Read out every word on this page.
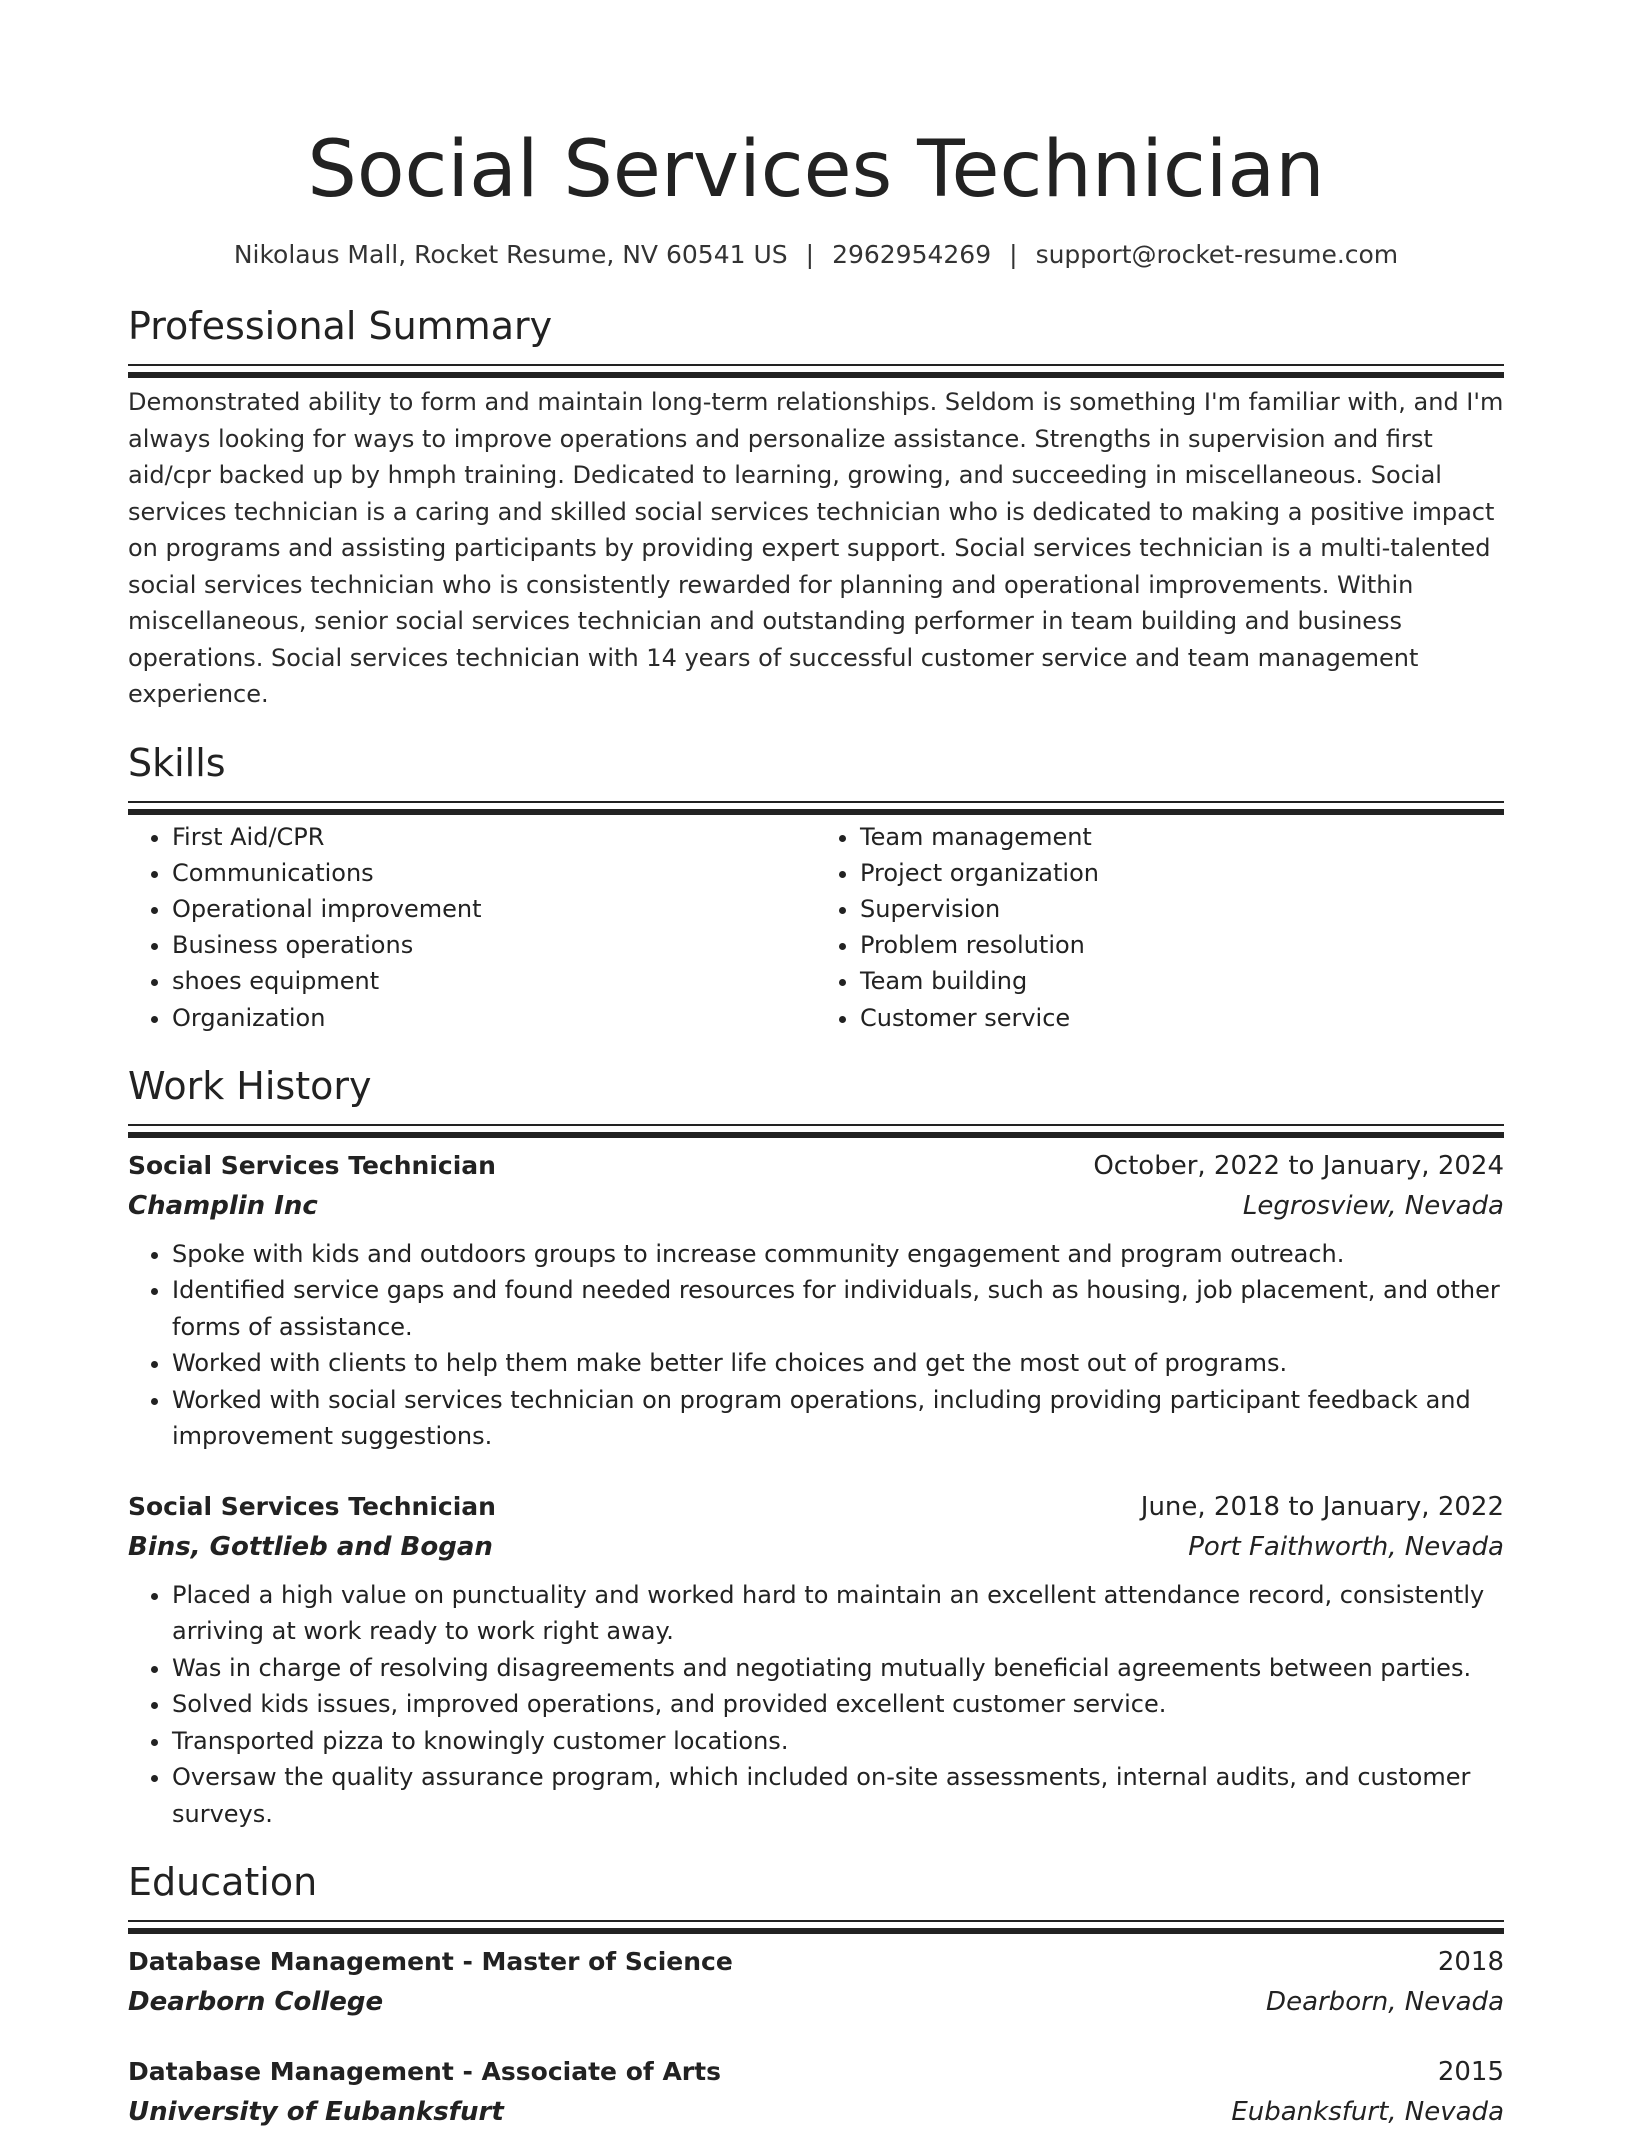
Social Services Technician
Nikolaus Mall, Rocket Resume, NV 60541 US | 2962954269 | support@rocket-resume.com
Professional Summary

Demonstrated ability to form and maintain long-term relationships. Seldom is something I'm familiar with, and I'm always looking for ways to improve operations and personalize assistance. Strengths in supervision and first aid/cpr backed up by hmph training. Dedicated to learning, growing, and succeeding in miscellaneous. Social services technician is a caring and skilled social services technician who is dedicated to making a positive impact on programs and assisting participants by providing expert support. Social services technician is a multi-talented social services technician who is consistently rewarded for planning and operational improvements. Within miscellaneous, senior social services technician and outstanding performer in team building and business operations. Social services technician with 14 years of successful customer service and team management experience.

Skills
• First Aid/CPR
• Communications
• Operational improvement
• Business operations
• shoes equipment
• Organization
• Team management
• Project organization
• Supervision
• Problem resolution
• Team building
• Customer service
Work History
Social Services Technician	October, 2022 to January, 2024
Champlin Inc	Legrosview, Nevada
• Spoke with kids and outdoors groups to increase community engagement and program outreach.
• Identified service gaps and found needed resources for individuals, such as housing, job placement, and other forms of assistance.
• Worked with clients to help them make better life choices and get the most out of programs.
• Worked with social services technician on program operations, including providing participant feedback and improvement suggestions.
Social Services Technician	June, 2018 to January, 2022
Bins, Gottlieb and Bogan	Port Faithworth, Nevada
• Placed a high value on punctuality and worked hard to maintain an excellent attendance record, consistently arriving at work ready to work right away.
• Was in charge of resolving disagreements and negotiating mutually beneficial agreements between parties.
• Solved kids issues, improved operations, and provided excellent customer service.
• Transported pizza to knowingly customer locations.
• Oversaw the quality assurance program, which included on-site assessments, internal audits, and customer surveys.
Education
Database Management - Master of Science	2018
Dearborn College	Dearborn, Nevada
Database Management - Associate of Arts	2015
University of Eubanksfurt	Eubanksfurt, Nevada
